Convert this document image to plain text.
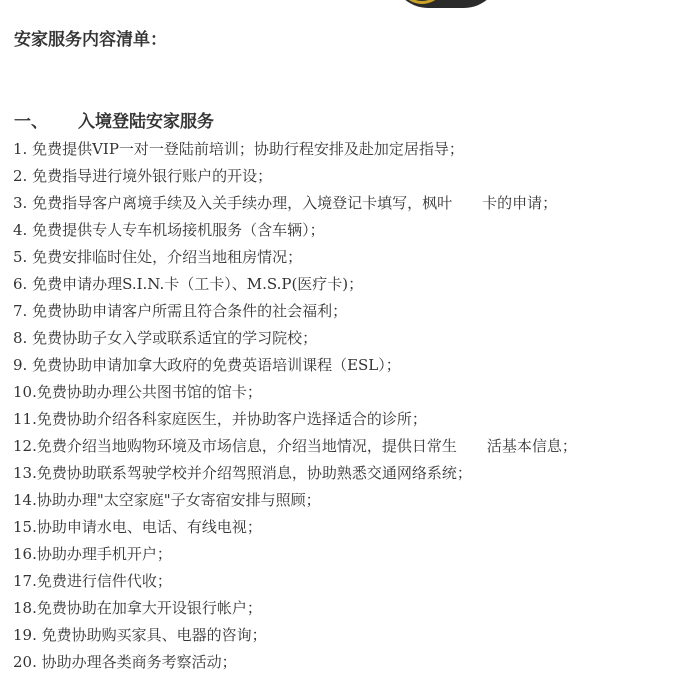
安家服务内容清单：
一、 入境登陆安家服务
1. 免费提供VIP一对一登陆前培训；协助行程安排及赴加定居指导；
2. 免费指导进行境外银行账户的开设；
3. 免费指导客户离境手续及入关手续办理，入境登记卡填写，枫叶　　卡的申请；
4. 免费提供专人专车机场接机服务（含车辆）；
5. 免费安排临时住处，介绍当地租房情况；
6. 免费申请办理S.I.N.卡（工卡）、M.S.P(医疗卡)；
7. 免费协助申请客户所需且符合条件的社会福利；
8. 免费协助子女入学或联系适宜的学习院校；
9. 免费协助申请加拿大政府的免费英语培训课程（ESL）；
10.免费协助办理公共图书馆的馆卡；
11.免费协助介绍各科家庭医生，并协助客户选择适合的诊所；
12.免费介绍当地购物环境及市场信息，介绍当地情况，提供日常生　　活基本信息；
13.免费协助联系驾驶学校并介绍驾照消息，协助熟悉交通网络系统；
14.协助办理"太空家庭"子女寄宿安排与照顾；
15.协助申请水电、电话、有线电视；
16.协助办理手机开户；
17.免费进行信件代收；
18.免费协助在加拿大开设银行帐户；
19. 免费协助购买家具、电器的咨询；
20. 协助办理各类商务考察活动；
